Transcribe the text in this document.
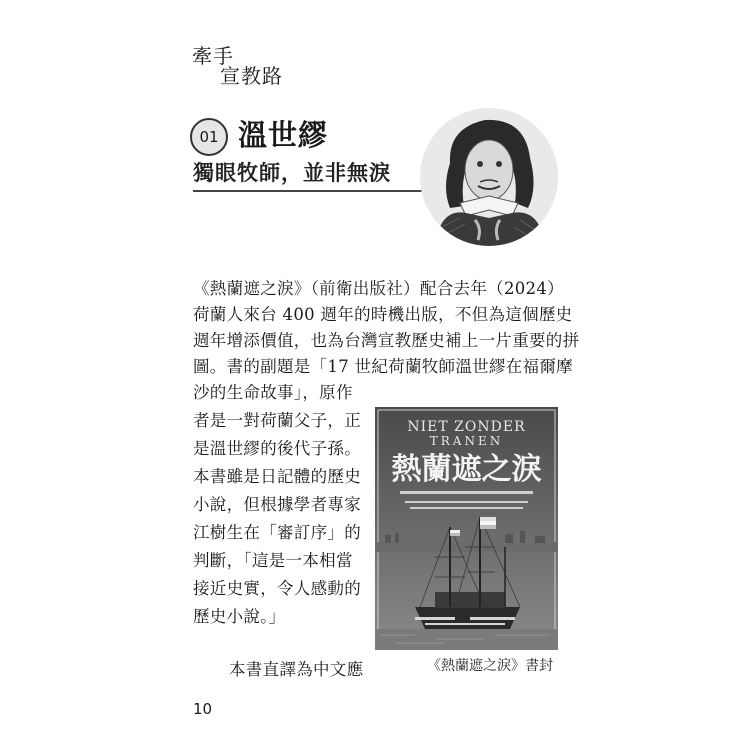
牽手
宣教路
01 溫世繆
獨眼牧師，並非無淚
《熱蘭遮之淚》（前衛出版社）配合去年（2024）
荷蘭人來台 400 週年的時機出版，不但為這個歷史
週年增添價值，也為台灣宣教歷史補上一片重要的拼
圖。書的副題是「17 世紀荷蘭牧師溫世繆在福爾摩
沙的生命故事」，原作
者是一對荷蘭父子，正
是溫世繆的後代子孫。
本書雖是日記體的歷史
小說，但根據學者專家
江樹生在「審訂序」的
判斷，「這是一本相當
接近史實，令人感動的
歷史小說。」
本書直譯為中文應
NIET ZONDER
TRANEN
熱蘭遮之淚
《熱蘭遮之淚》書封
10
